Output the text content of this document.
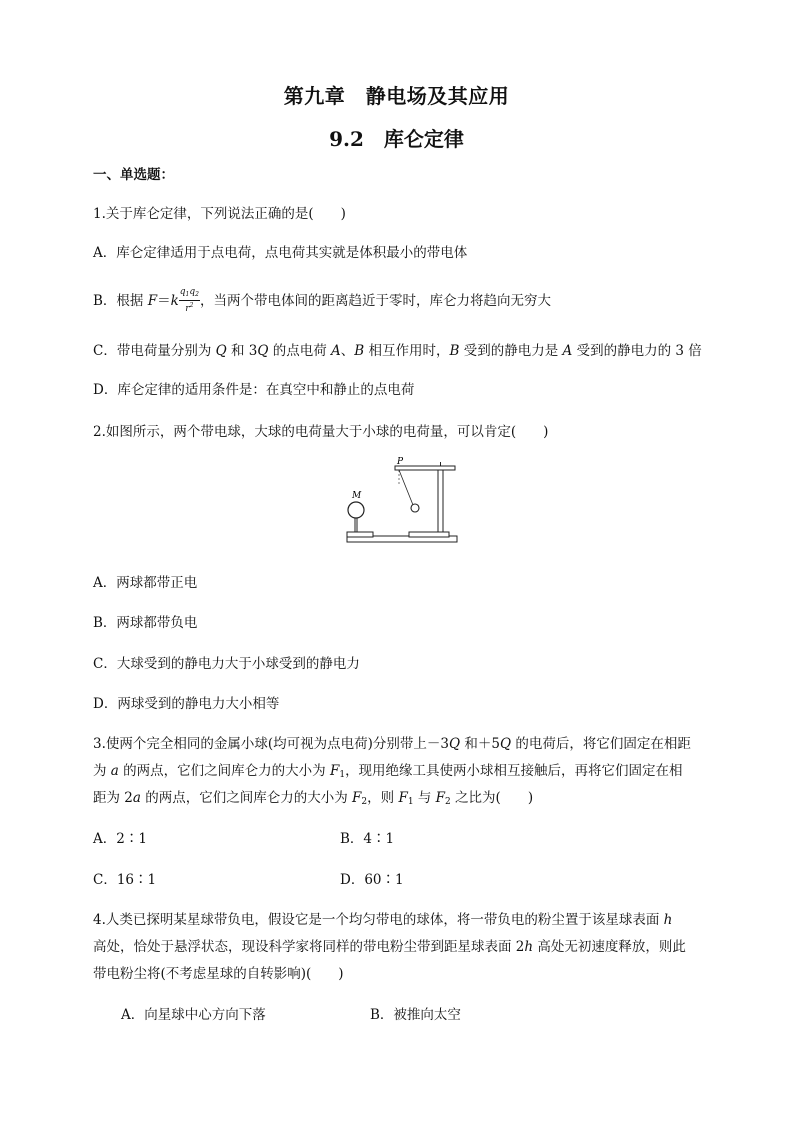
第九章　静电场及其应用
9.2　库仑定律
一、单选题：
1.关于库仑定律，下列说法正确的是(　　)
A．库仑定律适用于点电荷，点电荷其实就是体积最小的带电体
B．根据 $F=k \frac{q_1q_2}{r^2}$ ，当两个带电体间的距离趋近于零时，库仑力将趋向无穷大
C．带电荷量分别为 Q 和 3Q 的点电荷 A、B 相互作用时，B 受到的静电力是 A 受到的静电力的 3 倍
D．库仑定律的适用条件是：在真空中和静止的点电荷
2.如图所示，两个带电球，大球的电荷量大于小球的电荷量，可以肯定(　　)
M
P
A．两球都带正电
B．两球都带负电
C．大球受到的静电力大于小球受到的静电力
D．两球受到的静电力大小相等
3.使两个完全相同的金属小球(均可视为点电荷)分别带上－3Q 和＋5Q 的电荷后，将它们固定在相距
为 a 的两点，它们之间库仑力的大小为 $F_1$，现用绝缘工具使两小球相互接触后，再将它们固定在相
距为 2a 的两点，它们之间库仑力的大小为 $F_2$，则 $F_1$ 与 $F_2$ 之比为(　　)
A．2∶1	B．4∶1
C．16∶1	D．60∶1
4.人类已探明某星球带负电，假设它是一个均匀带电的球体，将一带负电的粉尘置于该星球表面 h
高处，恰处于悬浮状态，现设科学家将同样的带电粉尘带到距星球表面 2h 高处无初速度释放，则此
带电粉尘将(不考虑星球的自转影响)(　　)
A．向星球中心方向下落	B．被推向太空
